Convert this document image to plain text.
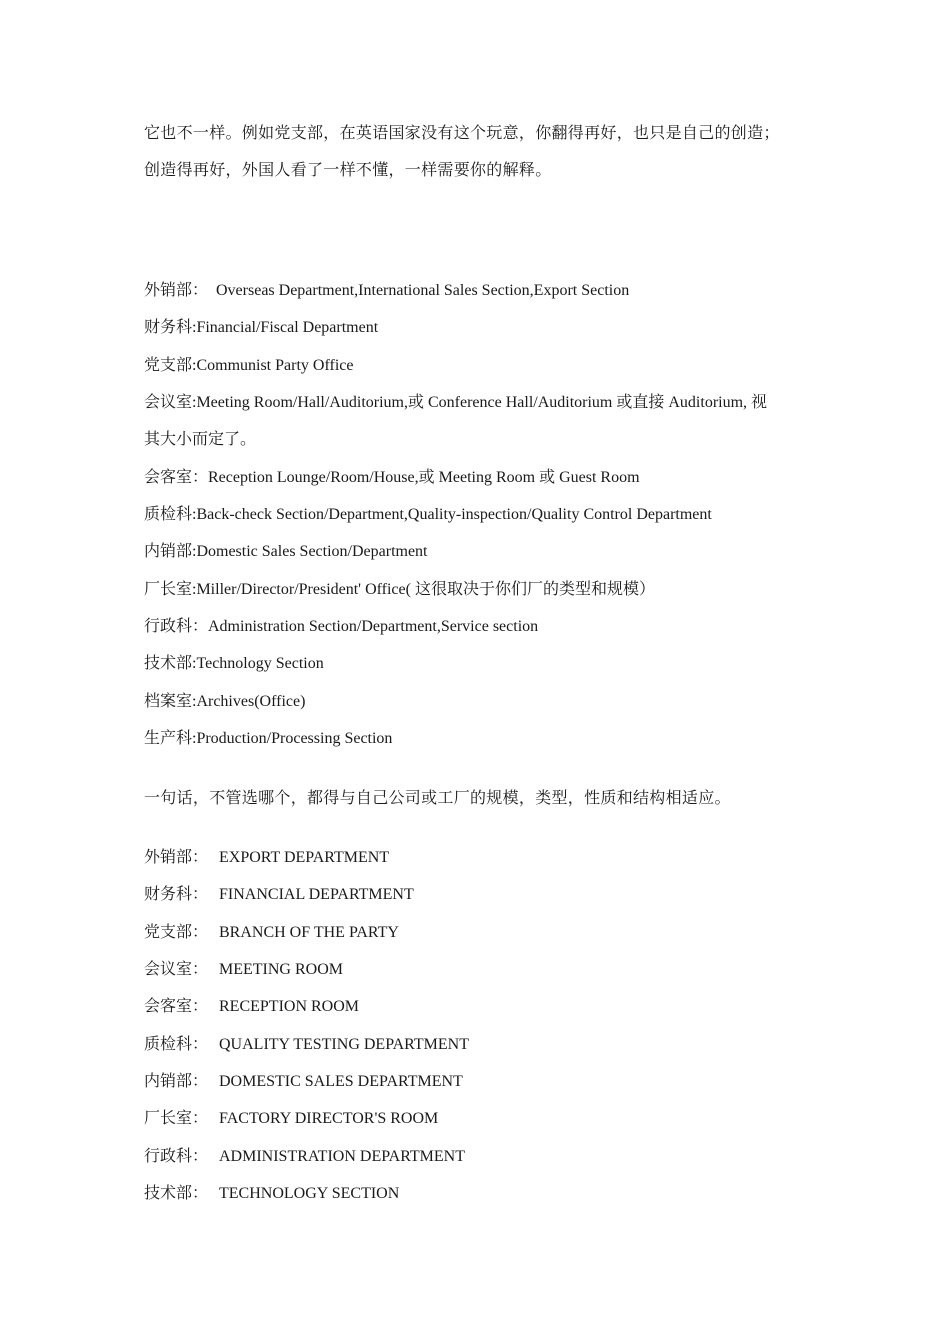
它也不一样。例如党支部，在英语国家没有这个玩意，你翻得再好，也只是自己的创造；
创造得再好，外国人看了一样不懂，一样需要你的解释。
外销部：　Overseas Department,International Sales Section,Export Section
财务科:Financial/Fiscal Department
党支部:Communist Party Office
会议室:Meeting Room/Hall/Auditorium,或 Conference Hall/Auditorium 或直接 Auditorium, 视
其大小而定了。
会客室：Reception Lounge/Room/House,或 Meeting Room 或 Guest Room
质检科:Back-check Section/Department,Quality-inspection/Quality Control Department
内销部:Domestic Sales Section/Department
厂长室:Miller/Director/President' Office( 这很取决于你们厂的类型和规模）
行政科：Administration Section/Department,Service section
技术部:Technology Section
档案室:Archives(Office)
生产科:Production/Processing Section
一句话，不管选哪个，都得与自己公司或工厂的规模，类型，性质和结构相适应。
外销部： EXPORT DEPARTMENT
财务科： FINANCIAL DEPARTMENT
党支部： BRANCH OF THE PARTY
会议室： MEETING ROOM
会客室： RECEPTION ROOM
质检科： QUALITY TESTING DEPARTMENT
内销部： DOMESTIC SALES DEPARTMENT
厂长室： FACTORY DIRECTOR'S ROOM
行政科： ADMINISTRATION DEPARTMENT
技术部： TECHNOLOGY SECTION
